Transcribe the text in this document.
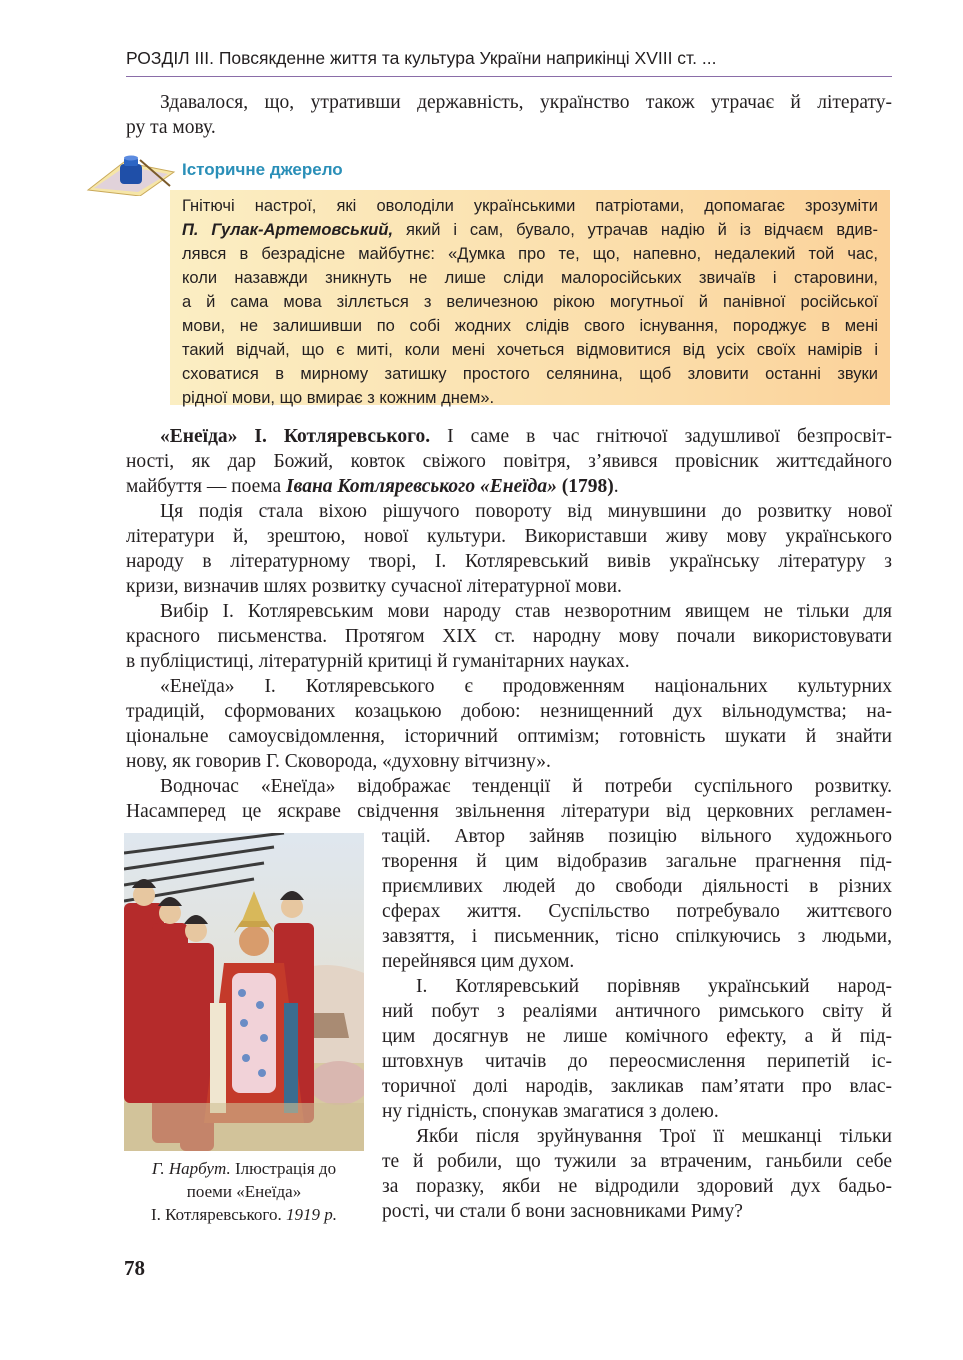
РОЗДІЛ ІІІ. Повсякденне життя та культура України наприкінці XVIII ст. ...
Здавалося, що, утративши державність, українство також утрачає й літерату-
ру та мову.
Історичне джерело
Гнітючі настрої, які оволоділи українськими патріотами, допомагає зрозуміти
П. Гулак-Артемовський, який і сам, бувало, утрачав надію й із відчаєм вдив-
лявся в безрадісне майбутнє: «Думка про те, що, напевно, недалекий той час,
коли назавжди зникнуть не лише сліди малоросійських звичаїв і старовини,
а й сама мова зіллється з величезною рікою могутньої й панівної російської
мови, не залишивши по собі жодних слідів свого існування, породжує в мені
такий відчай, що є миті, коли мені хочеться відмовитися від усіх своїх намірів і
сховатися в мирному затишку простого селянина, щоб зловити останні звуки
рідної мови, що вмирає з кожним днем».
«Енеїда» І. Котляревського. І саме в час гнітючої задушливої безпросвіт-
ності, як дар Божий, ковток свіжого повітря, з’явився провісник життєдайного
майбуття — поема Івана Котляревського «Енеїда» (1798).
Ця подія стала віхою рішучого повороту від минувшини до розвитку нової
літератури й, зрештою, нової культури. Використавши живу мову українського
народу в літературному творі, І. Котляревський вивів українську літературу з
кризи, визначив шлях розвитку сучасної літературної мови.
Вибір І. Котляревським мови народу став незворотним явищем не тільки для
красного письменства. Протягом ХІХ ст. народну мову почали використовувати
в публіцистиці, літературній критиці й гуманітарних науках.
«Енеїда» І. Котляревського є продовженням національних культурних
традицій, сформованих козацькою добою: незнищенний дух вільнодумства; на-
ціональне самоусвідомлення, історичний оптимізм; готовність шукати й знайти
нову, як говорив Г. Сковорода, «духовну вітчизну».
Водночас «Енеїда» відображає тенденції й потреби суспільного розвитку.
Насамперед це яскраве свідчення звільнення літератури від церковних регламен-
Г. Нарбут. Ілюстрація до
поеми «Енеїда»
І. Котляревського. 1919 р.
тацій. Автор зайняв позицію вільного художнього
творення й цим відобразив загальне прагнення під-
приємливих людей до свободи діяльності в різних
сферах життя. Суспільство потребувало життєвого
завзяття, і письменник, тісно спілкуючись з людьми,
перейнявся цим духом.
І. Котляревський порівняв український народ-
ний побут з реаліями античного римського світу й
цим досягнув не лише комічного ефекту, а й під-
штовхнув читачів до переосмислення перипетій іс-
торичної долі народів, закликав пам’ятати про влас-
ну гідність, спонукав змагатися з долею.
Якби після зруйнування Трої її мешканці тільки
те й робили, що тужили за втраченим, ганьбили себе
за поразку, якби не відродили здоровий дух бадьо-
рості, чи стали б вони засновниками Риму?
78
